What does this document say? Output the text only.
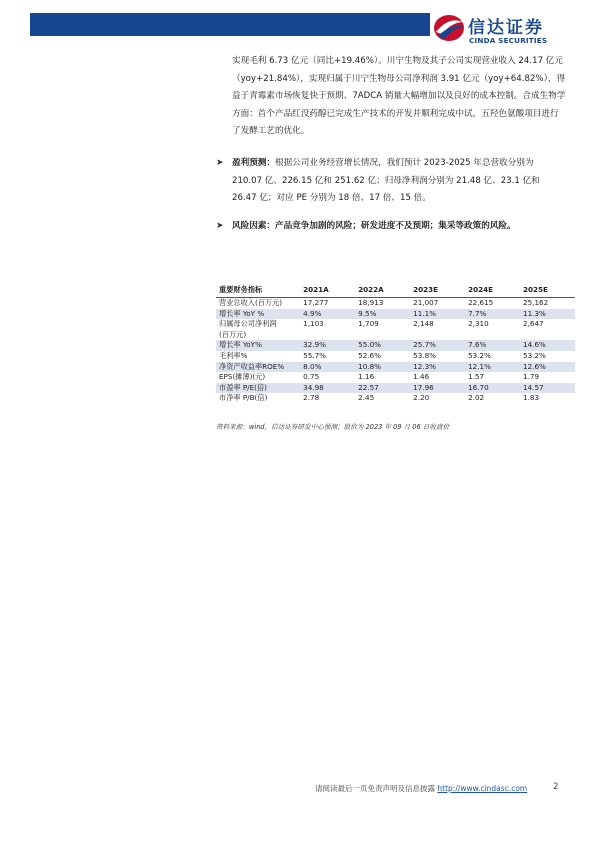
信达证券
CINDA SECURITIES
实现毛利 6.73 亿元（同比+19.46%）。川宁生物及其子公司实现营业收入 24.17 亿元（yoy+21.84%），实现归属于川宁生物母公司净利润 3.91 亿元（yoy+64.82%），得益于青霉素市场恢复快于预期、7ADCA 销量大幅增加以及良好的成本控制。合成生物学方面：首个产品红没药醇已完成生产技术的开发并顺利完成中试，五羟色氨酸项目进行了发酵工艺的优化。
➤ 盈利预测：根据公司业务经营增长情况，我们预计 2023-2025 年总营收分别为 210.07 亿、226.15 亿和 251.62 亿；归母净利润分别为 21.48 亿、23.1 亿和 26.47 亿；对应 PE 分别为 18 倍、17 倍、15 倍。
➤ 风险因素：产品竞争加剧的风险；研发进度不及预期；集采等政策的风险。
重要财务指标	2021A	2022A	2023E	2024E	2025E
营业总收入(百万元)	17,277	18,913	21,007	22,615	25,162
增长率 YoY %	4.9%	9.5%	11.1%	7.7%	11.3%
归属母公司净利润	1,103	1,709	2,148	2,310	2,647
(百万元)					
增长率 YoY%	32.9%	55.0%	25.7%	7.6%	14.6%
毛利率%	55.7%	52.6%	53.8%	53.2%	53.2%
净资产收益率ROE%	8.0%	10.8%	12.3%	12.1%	12.6%
EPS(摊薄)(元)	0.75	1.16	1.46	1.57	1.79
市盈率 P/E(倍)	34.98	22.57	17.96	16.70	14.57
市净率 P/B(倍)	2.78	2.45	2.20	2.02	1.83
资料来源：wind，信达证券研发中心预测；股价为 2023 年 09 月 06 日收盘价
请阅读最后一页免责声明及信息披露 http://www.cindasc.com	2
